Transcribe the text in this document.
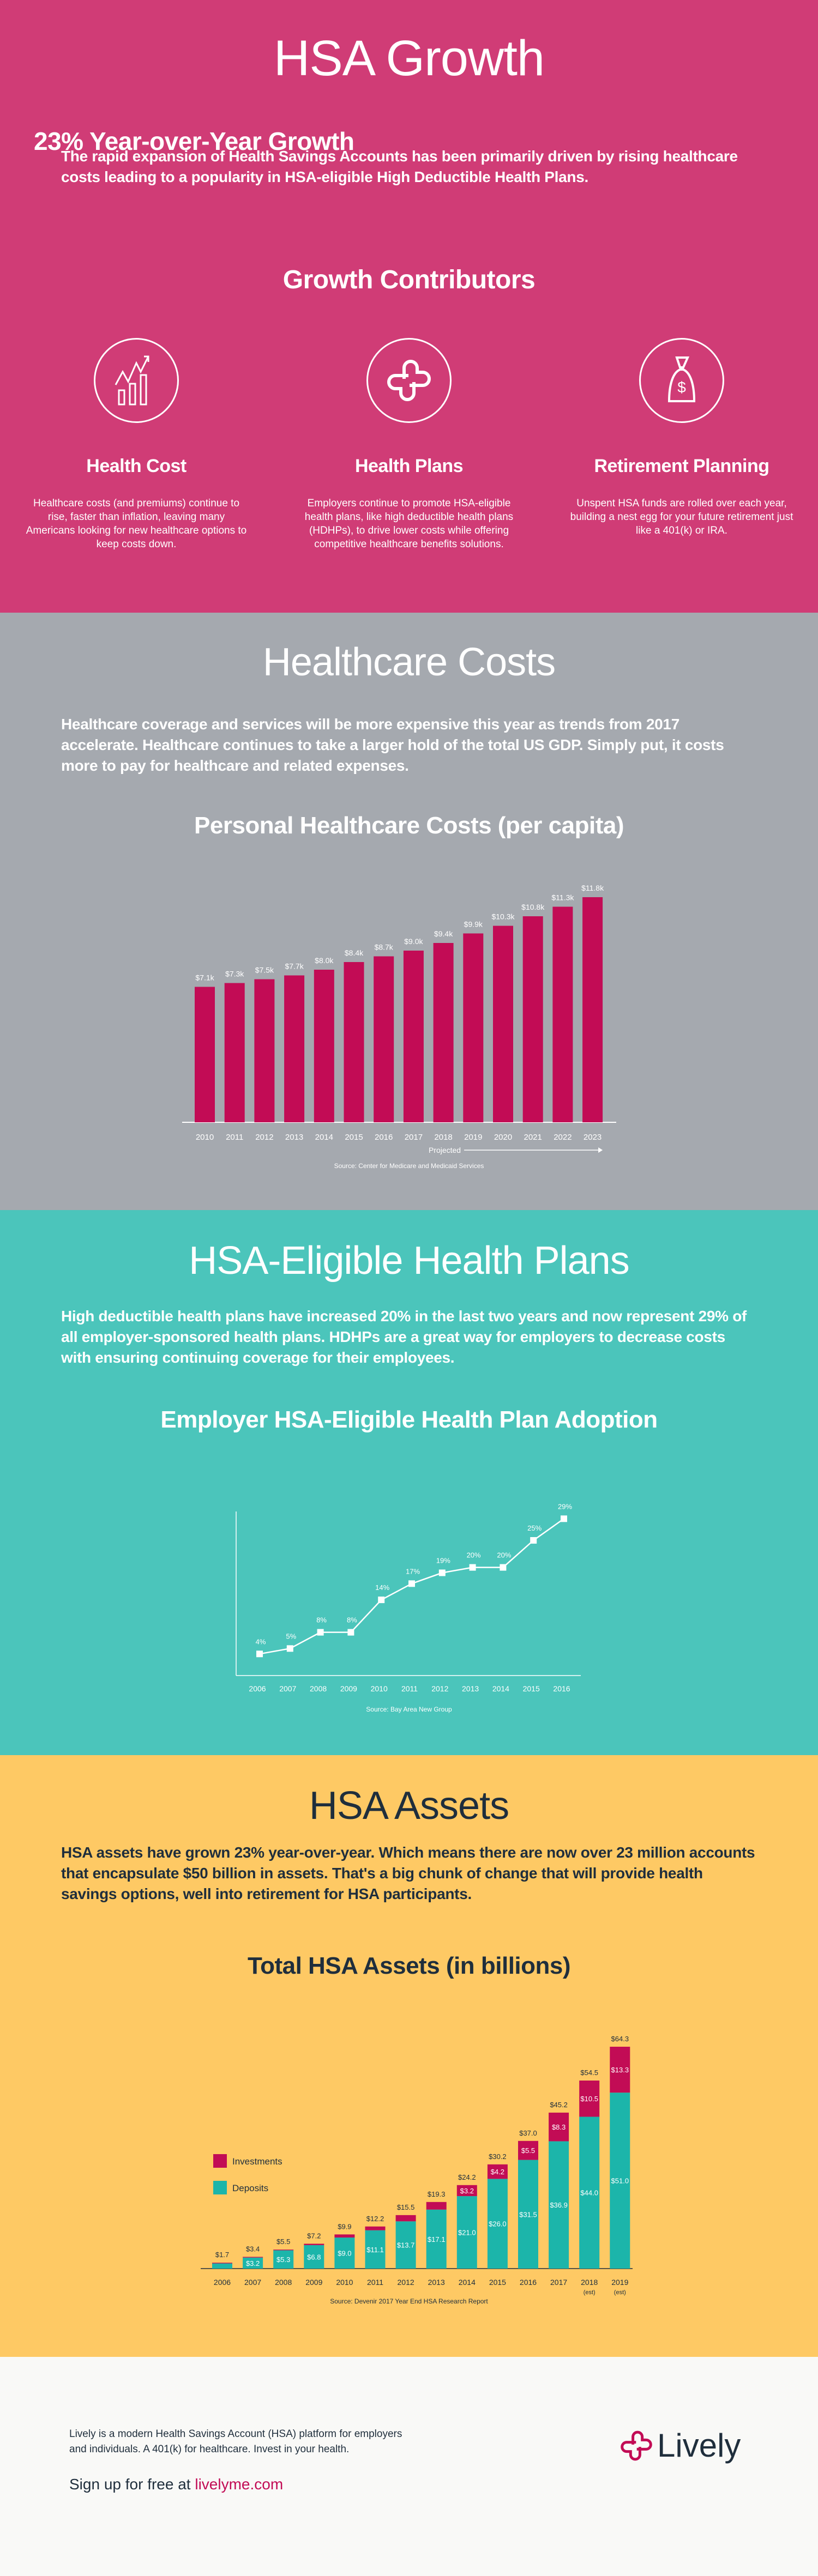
HSA Growth
23% Year-over-Year Growth

The rapid expansion of Health Savings Accounts has been primarily driven by rising healthcare costs leading to a popularity in HSA-eligible High Deductible Health Plans.

Growth Contributors
Health Cost

Healthcare costs (and premiums) continue to rise, faster than inflation, leaving many Americans looking for new healthcare options to keep costs down.

Health Plans

Employers continue to promote HSA-eligible health plans, like high deductible health plans (HDHPs), to drive lower costs while offering competitive healthcare benefits solutions.

$
Retirement Planning

Unspent HSA funds are rolled over each year, building a nest egg for your future retirement just like a 401(k) or IRA.

Healthcare Costs

Healthcare coverage and services will be more expensive this year as trends from 2017 accelerate. Healthcare continues to take a larger hold of the total US GDP. Simply put, it costs more to pay for healthcare and related expenses.

Personal Healthcare Costs (per capita)
$7.1k
2010
$7.3k
2011
$7.5k
2012
$7.7k
2013
$8.0k
2014
$8.4k
2015
$8.7k
2016
$9.0k
2017
$9.4k
2018
$9.9k
2019
$10.3k
2020
$10.8k
2021
$11.3k
2022
$11.8k
2023
Projected
Source: Center for Medicare and Medicaid Services
HSA-Eligible Health Plans

High deductible health plans have increased 20% in the last two years and now represent 29% of all employer-sponsored health plans. HDHPs are a great way for employers to decrease costs with ensuring continuing coverage for their employees.

Employer HSA-Eligible Health Plan Adoption
4%
2006
5%
2007
8%
2008
8%
2009
14%
2010
17%
2011
19%
2012
20%
2013
20%
2014
25%
2015
29%
2016
Source: Bay Area New Group
HSA Assets

HSA assets have grown 23% year-over-year. Which means there are now over 23 million accounts that encapsulate $50 billion in assets. That's a big chunk of change that will provide health savings options, well into retirement for HSA participants.

Total HSA Assets (in billions)
$1.7
2006
$3.2
$3.4
2007
$5.3
$5.5
2008
$6.8
$7.2
2009
$9.0
$9.9
2010
$11.1
$12.2
2011
$13.7
$15.5
2012
$17.1
$19.3
2013
$21.0
$3.2
$24.2
2014
$26.0
$4.2
$30.2
2015
$31.5
$5.5
$37.0
2016
$36.9
$8.3
$45.2
2017
$44.0
$10.5
$54.5
2018
(est)
$51.0
$13.3
$64.3
2019
(est)
Investments
Deposits
Source: Devenir 2017 Year End HSA Research Report

Lively is a modern Health Savings Account (HSA) platform for employers
and individuals. A 401(k) for healthcare. Invest in your health.

Sign up for free at livelyme.com

Lively
